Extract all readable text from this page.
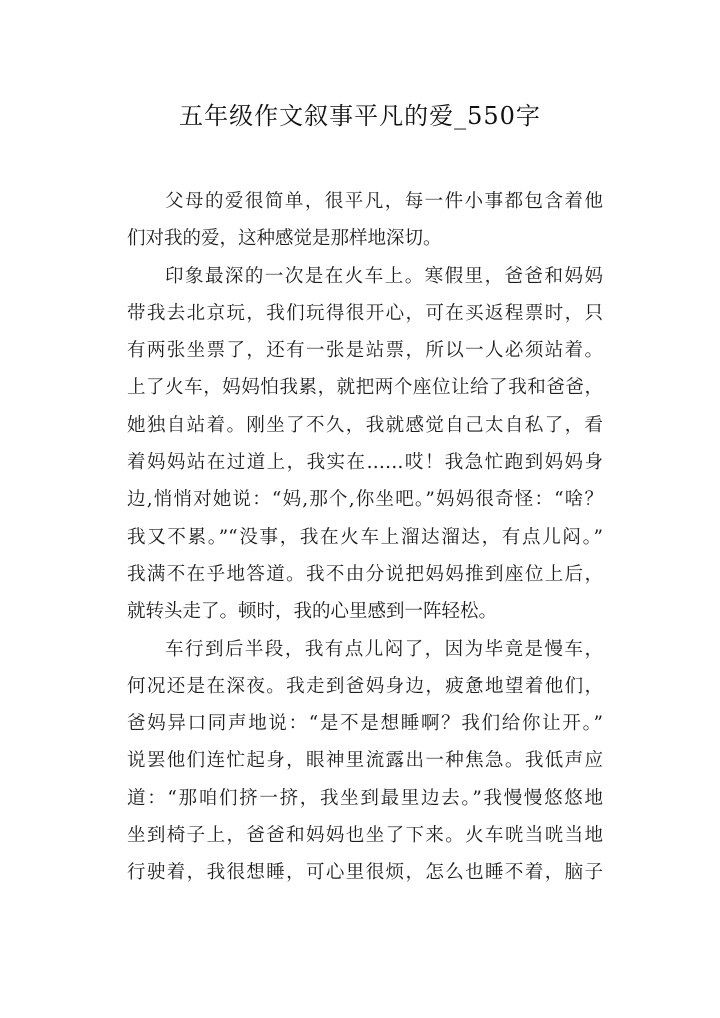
五年级作文叙事平凡的爱_550字
父母的爱很简单，很平凡，每一件小事都包含着他
们对我的爱，这种感觉是那样地深切。
印象最深的一次是在火车上。寒假里，爸爸和妈妈
带我去北京玩，我们玩得很开心，可在买返程票时，只
有两张坐票了，还有一张是站票，所以一人必须站着。
上了火车，妈妈怕我累，就把两个座位让给了我和爸爸，
她独自站着。刚坐了不久，我就感觉自己太自私了，看
着妈妈站在过道上，我实在……哎！我急忙跑到妈妈身
边,悄悄对她说：“妈,那个,你坐吧。”妈妈很奇怪：“啥？
我又不累。”“没事，我在火车上溜达溜达，有点儿闷。”
我满不在乎地答道。我不由分说把妈妈推到座位上后，
就转头走了。顿时，我的心里感到一阵轻松。
车行到后半段，我有点儿闷了，因为毕竟是慢车，
何况还是在深夜。我走到爸妈身边，疲惫地望着他们，
爸妈异口同声地说：“是不是想睡啊？我们给你让开。”
说罢他们连忙起身，眼神里流露出一种焦急。我低声应
道：“那咱们挤一挤，我坐到最里边去。”我慢慢悠悠地
坐到椅子上，爸爸和妈妈也坐了下来。火车咣当咣当地
行驶着，我很想睡，可心里很烦，怎么也睡不着，脑子
